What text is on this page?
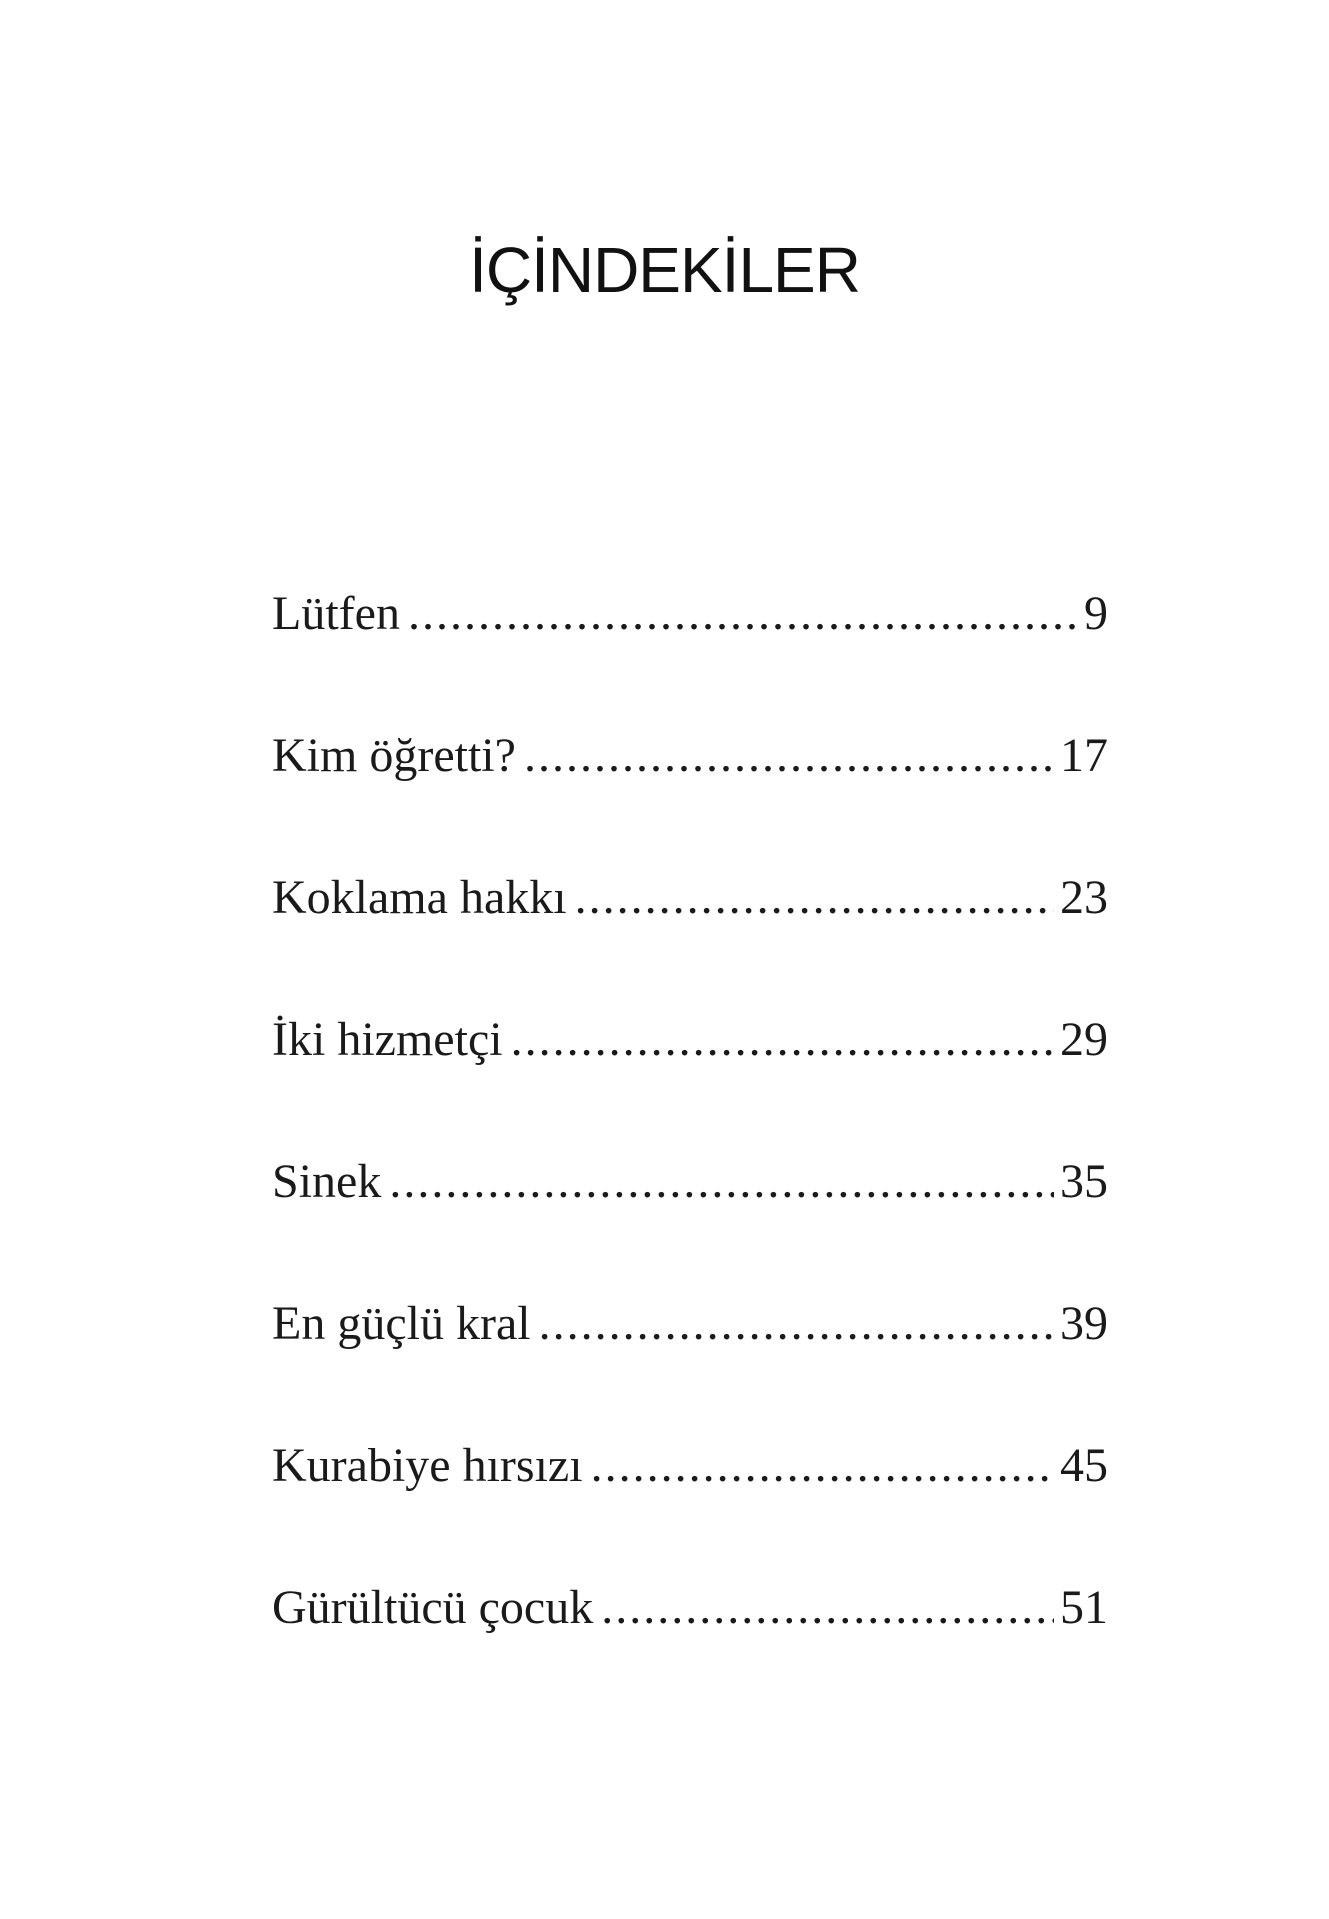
İÇİNDEKİLER
Lütfen .....	9
Kim öğretti? .....	17
Koklama hakkı .....	23
İki hizmetçi .....	29
Sinek .....	35
En güçlü kral .....	39
Kurabiye hırsızı .....	45
Gürültücü çocuk .....	51
